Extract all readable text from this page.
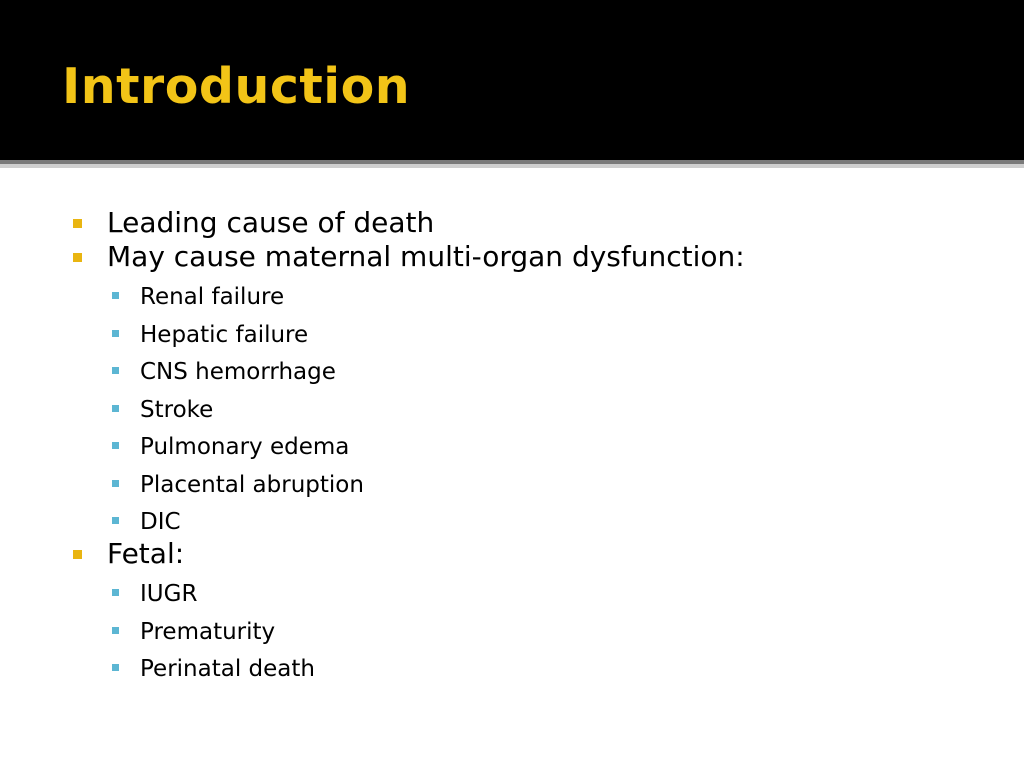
Introduction
Leading cause of death
May cause maternal multi-organ dysfunction:
Renal failure
Hepatic failure
CNS hemorrhage
Stroke
Pulmonary edema
Placental abruption
DIC
Fetal:
IUGR
Prematurity
Perinatal death
